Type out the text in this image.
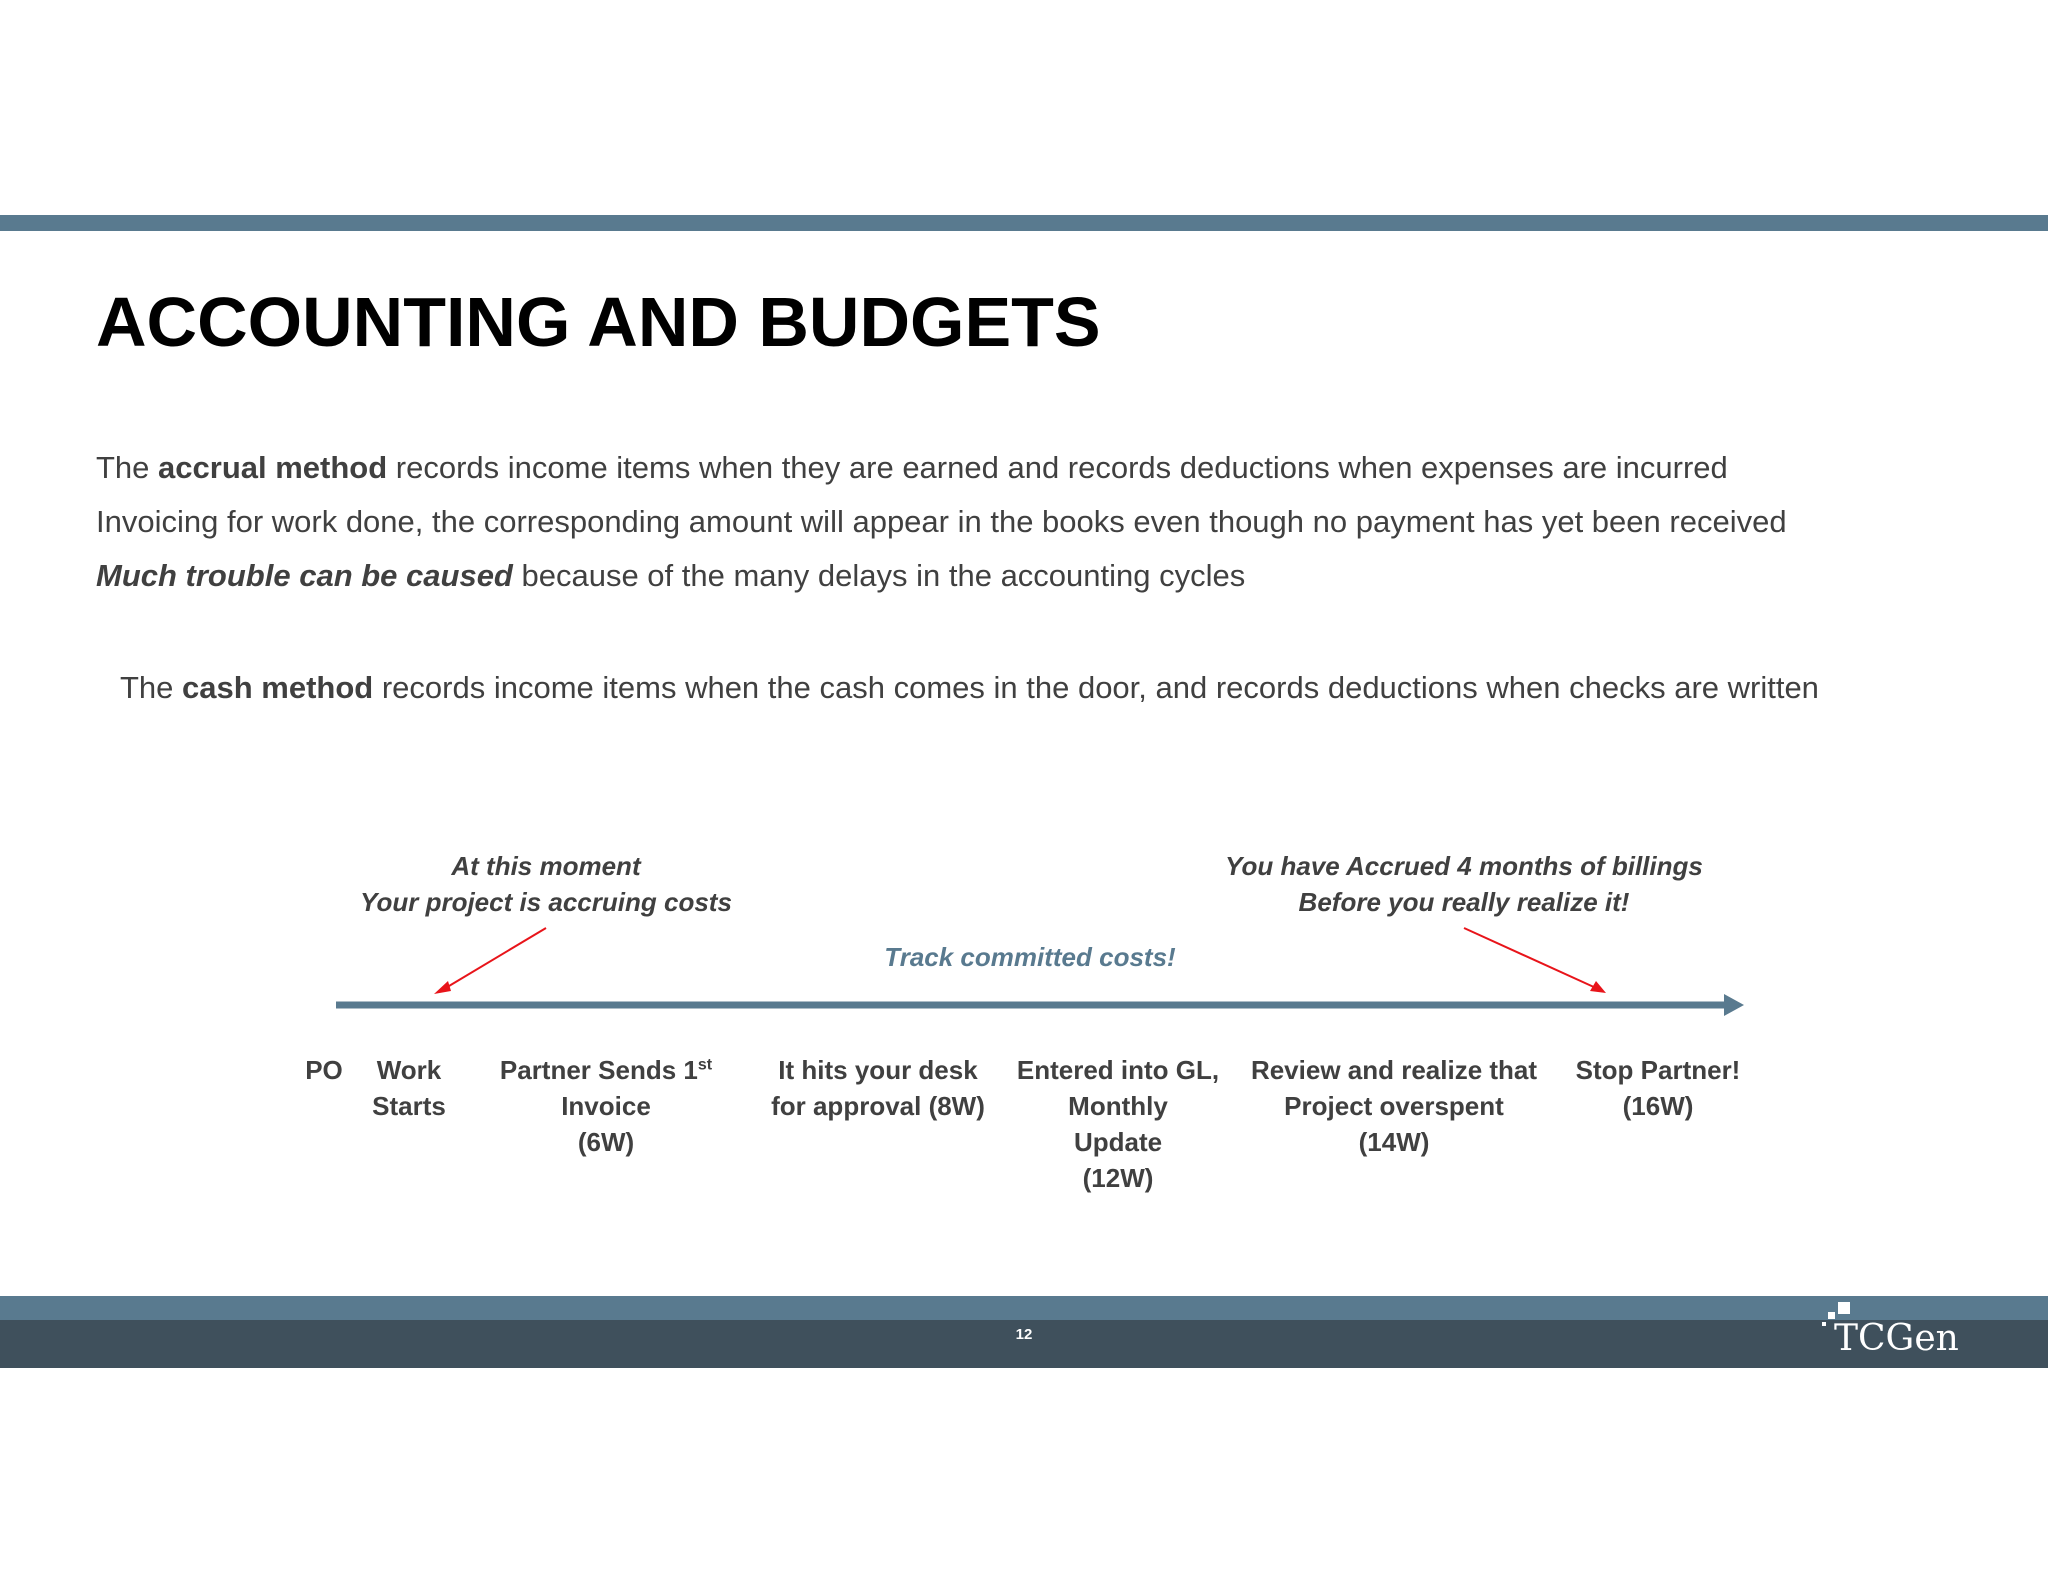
ACCOUNTING AND BUDGETS
The accrual method records income items when they are earned and records deductions when expenses are incurred
Invoicing for work done, the corresponding amount will appear in the books even though no payment has yet been received
Much trouble can be caused because of the many delays in the accounting cycles
The cash method records income items when the cash comes in the door, and records deductions when checks are written
At this moment
Your project is accruing costs
You have Accrued 4 months of billings
Before you really realize it!
Track committed costs!
PO	Work
Starts
Partner Sends 1st
Invoice
(6W)
It hits your desk
for approval (8W)
Entered into GL,
Monthly
Update
(12W)
Review and realize that
Project overspent
(14W)
Stop Partner!
(16W)
12	TCGen
